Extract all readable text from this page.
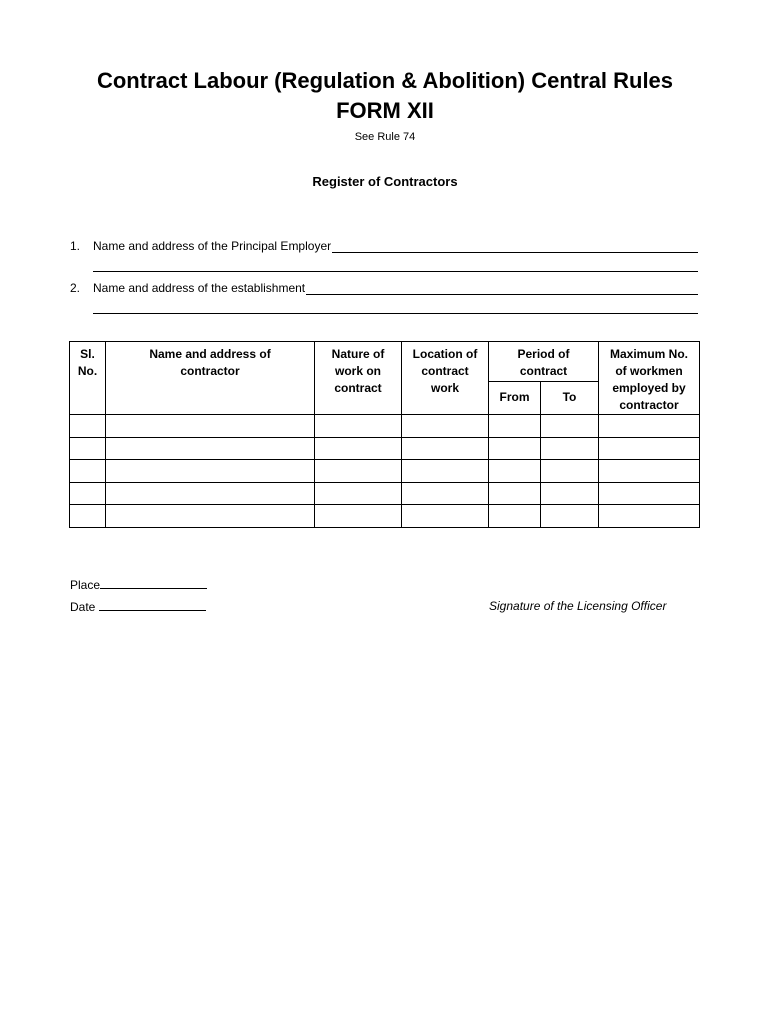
Contract Labour (Regulation & Abolition) Central Rules
FORM XII
See Rule 74
Register of Contractors
1.	Name and address of the Principal Employer
2.	Name and address of the establishment
Sl. No.	Name and address of contractor	Nature of work on contract	Location of contract work	Period of contract		Maximum No. of workmen employed by contractor
				From	To	

Place
Date	Signature of the Licensing Officer
